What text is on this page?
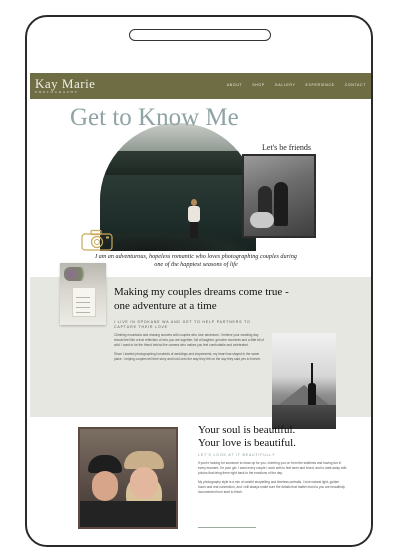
Kay Marie
PHOTOGRAPHY
ABOUT	SHOP	GALLERY	EXPERIENCE	CONTACT
Get to Know Me
Let's be friends
I am an adventurous, hopeless romantic who loves photographing couples during one of the happiest seasons of life
Making my couples dreams come true - one adventure at a time
I LIVE IN SPOKANE WA AND GET TO HELP PARTNERS TO CAPTURE THEIR LOVE

Climbing mountains and chasing sunsets with couples who love adventure. I believe your wedding day should feel like a true reflection of who you are together, full of laughter, genuine moments and a little bit of wild. I want to be the friend behind the camera who makes you feel comfortable and celebrated.

Since I started photographing hundreds of weddings and elopements, my heart has stayed in the same place - helping couples tell their story and hold onto the way they felt on the day they said yes to forever.

Your soul is beautiful.
Your love is beautiful.
LET'S LOOK AT IT BEAUTIFULLY

If you're looking for someone to show up for you, cheering you on from the sidelines and having fun in every moment, I'm your girl. I want every couple I work with to feel seen and loved, and to walk away with photos that bring them right back to the emotions of the day.

My photography style is a mix of candid storytelling and timeless portraits. I love natural light, golden hours and real connection, and I will always make sure the details that matter most to you are beautifully documented from start to finish.
